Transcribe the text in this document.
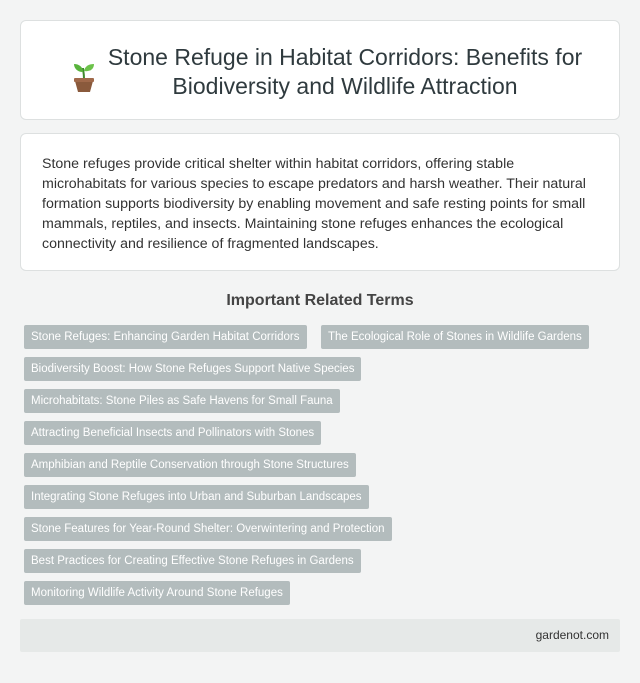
Stone Refuge in Habitat Corridors: Benefits for Biodiversity and Wildlife Attraction

Stone refuges provide critical shelter within habitat corridors, offering stable microhabitats for various species to escape predators and harsh weather. Their natural formation supports biodiversity by enabling movement and safe resting points for small mammals, reptiles, and insects. Maintaining stone refuges enhances the ecological connectivity and resilience of fragmented landscapes.

Important Related Terms
Stone Refuges: Enhancing Garden Habitat Corridors	The Ecological Role of Stones in Wildlife Gardens
Biodiversity Boost: How Stone Refuges Support Native Species
Microhabitats: Stone Piles as Safe Havens for Small Fauna
Attracting Beneficial Insects and Pollinators with Stones
Amphibian and Reptile Conservation through Stone Structures
Integrating Stone Refuges into Urban and Suburban Landscapes
Stone Features for Year-Round Shelter: Overwintering and Protection
Best Practices for Creating Effective Stone Refuges in Gardens
Monitoring Wildlife Activity Around Stone Refuges
gardenot.com
